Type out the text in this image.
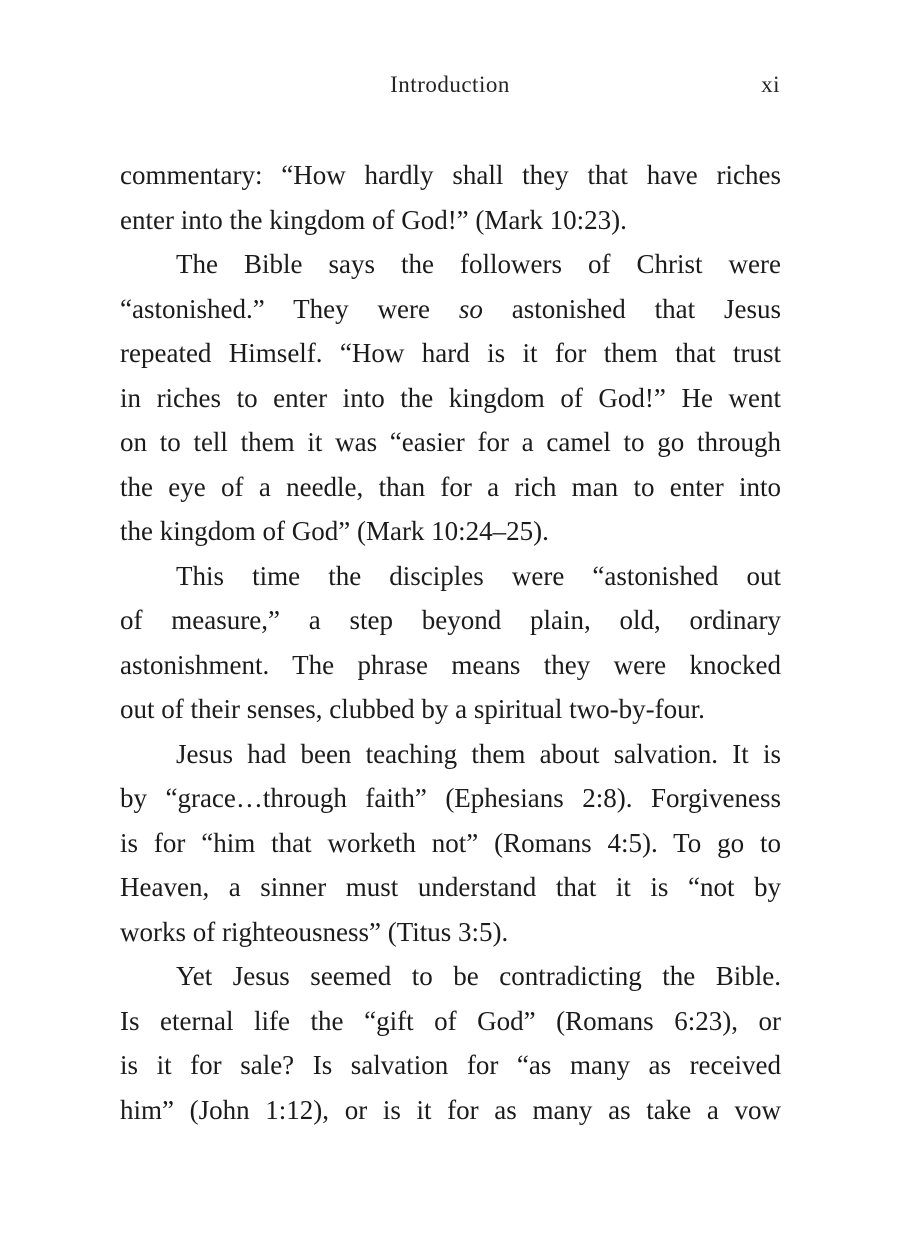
Introduction	xi
commentary: “How hardly shall they that have riches
enter into the kingdom of God!” (Mark 10:23).
The Bible says the followers of Christ were
“astonished.” They were so astonished that Jesus
repeated Himself. “How hard is it for them that trust
in riches to enter into the kingdom of God!” He went
on to tell them it was “easier for a camel to go through
the eye of a needle, than for a rich man to enter into
the kingdom of God” (Mark 10:24–25).
This time the disciples were “astonished out
of measure,” a step beyond plain, old, ordinary
astonishment. The phrase means they were knocked
out of their senses, clubbed by a spiritual two-by-four.
Jesus had been teaching them about salvation. It is
by “grace…through faith” (Ephesians 2:8). Forgiveness
is for “him that worketh not” (Romans 4:5). To go to
Heaven, a sinner must understand that it is “not by
works of righteousness” (Titus 3:5).
Yet Jesus seemed to be contradicting the Bible.
Is eternal life the “gift of God” (Romans 6:23), or
is it for sale? Is salvation for “as many as received
him” (John 1:12), or is it for as many as take a vow
